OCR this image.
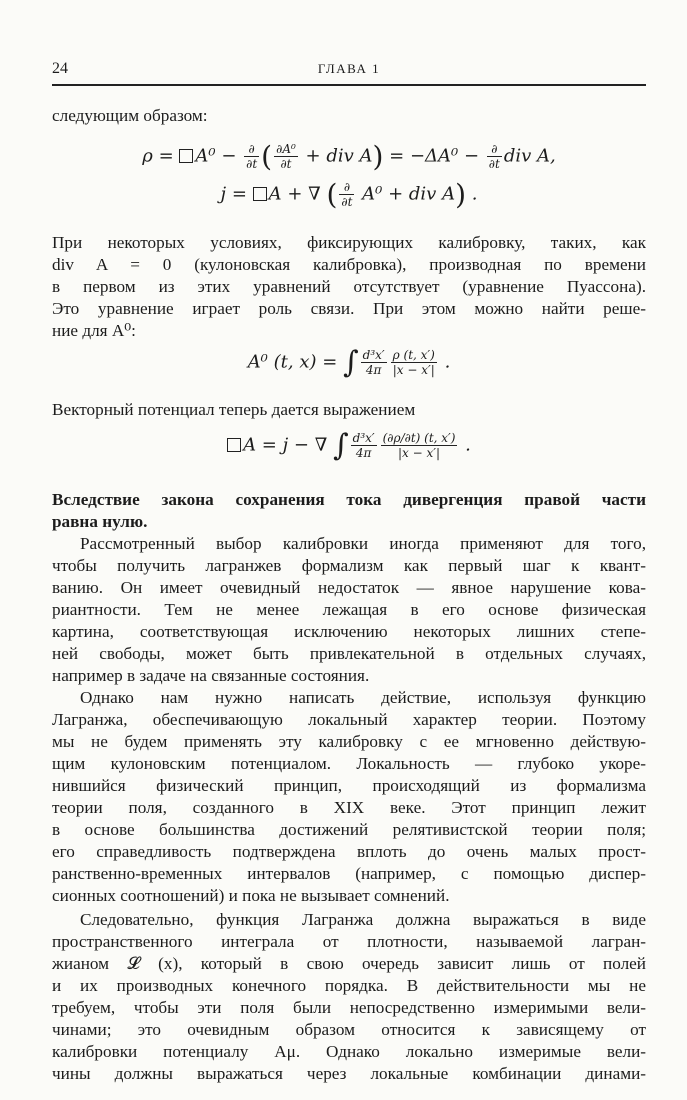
24	ГЛАВА 1
следующим образом:
$\rho = A^0 - \frac{\partial}{\partial t}$ ( $\frac{\text{∂A⁰}}{\partial t}$ + div $A) = -\Delta A^0 - \frac{\partial}{\partial t}$ div A,
j = A + ∇ ( $\frac{\partial}{\partial t} A^0$ + div A) .
При некоторых условиях, фиксирующих калибровку, таких, как
div A = 0 (кулоновская калибровка), производная по времени
в первом из этих уравнений отсутствует (уравнение Пуассона).
Это уравнение играет роль связи. При этом можно найти реше-
ние для A⁰:
A⁰ (t, x) = ∫ $\frac{\text{d³x′}}{4\pi} \frac{\rho (t, x')}{|x - x'|}$ .
Векторный потенциал теперь дается выражением
A = j − ∇ ∫ $\frac{\text{d³x′}}{4\pi} \frac{(\partial\rho/\partial t) (t, x')}{|x - x'|}$ .
Вследствие закона сохранения тока дивергенция правой части
равна нулю.
Рассмотренный выбор калибровки иногда применяют для того,
чтобы получить лагранжев формализм как первый шаг к квант-
ванию. Он имеет очевидный недостаток — явное нарушение кова-
риантности. Тем не менее лежащая в его основе физическая
картина, соответствующая исключению некоторых лишних степе-
ней свободы, может быть привлекательной в отдельных случаях,
например в задаче на связанные состояния.
Однако нам нужно написать действие, используя функцию
Лагранжа, обеспечивающую локальный характер теории. Поэтому
мы не будем применять эту калибровку с ее мгновенно действую-
щим кулоновским потенциалом. Локальность — глубоко укоре-
нившийся физический принцип, происходящий из формализма
теории поля, созданного в XIX веке. Этот принцип лежит
в основе большинства достижений релятивистской теории поля;
его справедливость подтверждена вплоть до очень малых прост-
ранственно-временных интервалов (например, с помощью диспер-
сионных соотношений) и пока не вызывает сомнений.
Следовательно, функция Лагранжа должна выражаться в виде
пространственного интеграла от плотности, называемой лагран-
жианом 𝓛 (x), который в свою очередь зависит лишь от полей
и их производных конечного порядка. В действительности мы не
требуем, чтобы эти поля были непосредственно измеримыми вели-
чинами; это очевидным образом относится к зависящему от
калибровки потенциалу Aμ. Однако локально измеримые вели-
чины должны выражаться через локальные комбинации динами-
